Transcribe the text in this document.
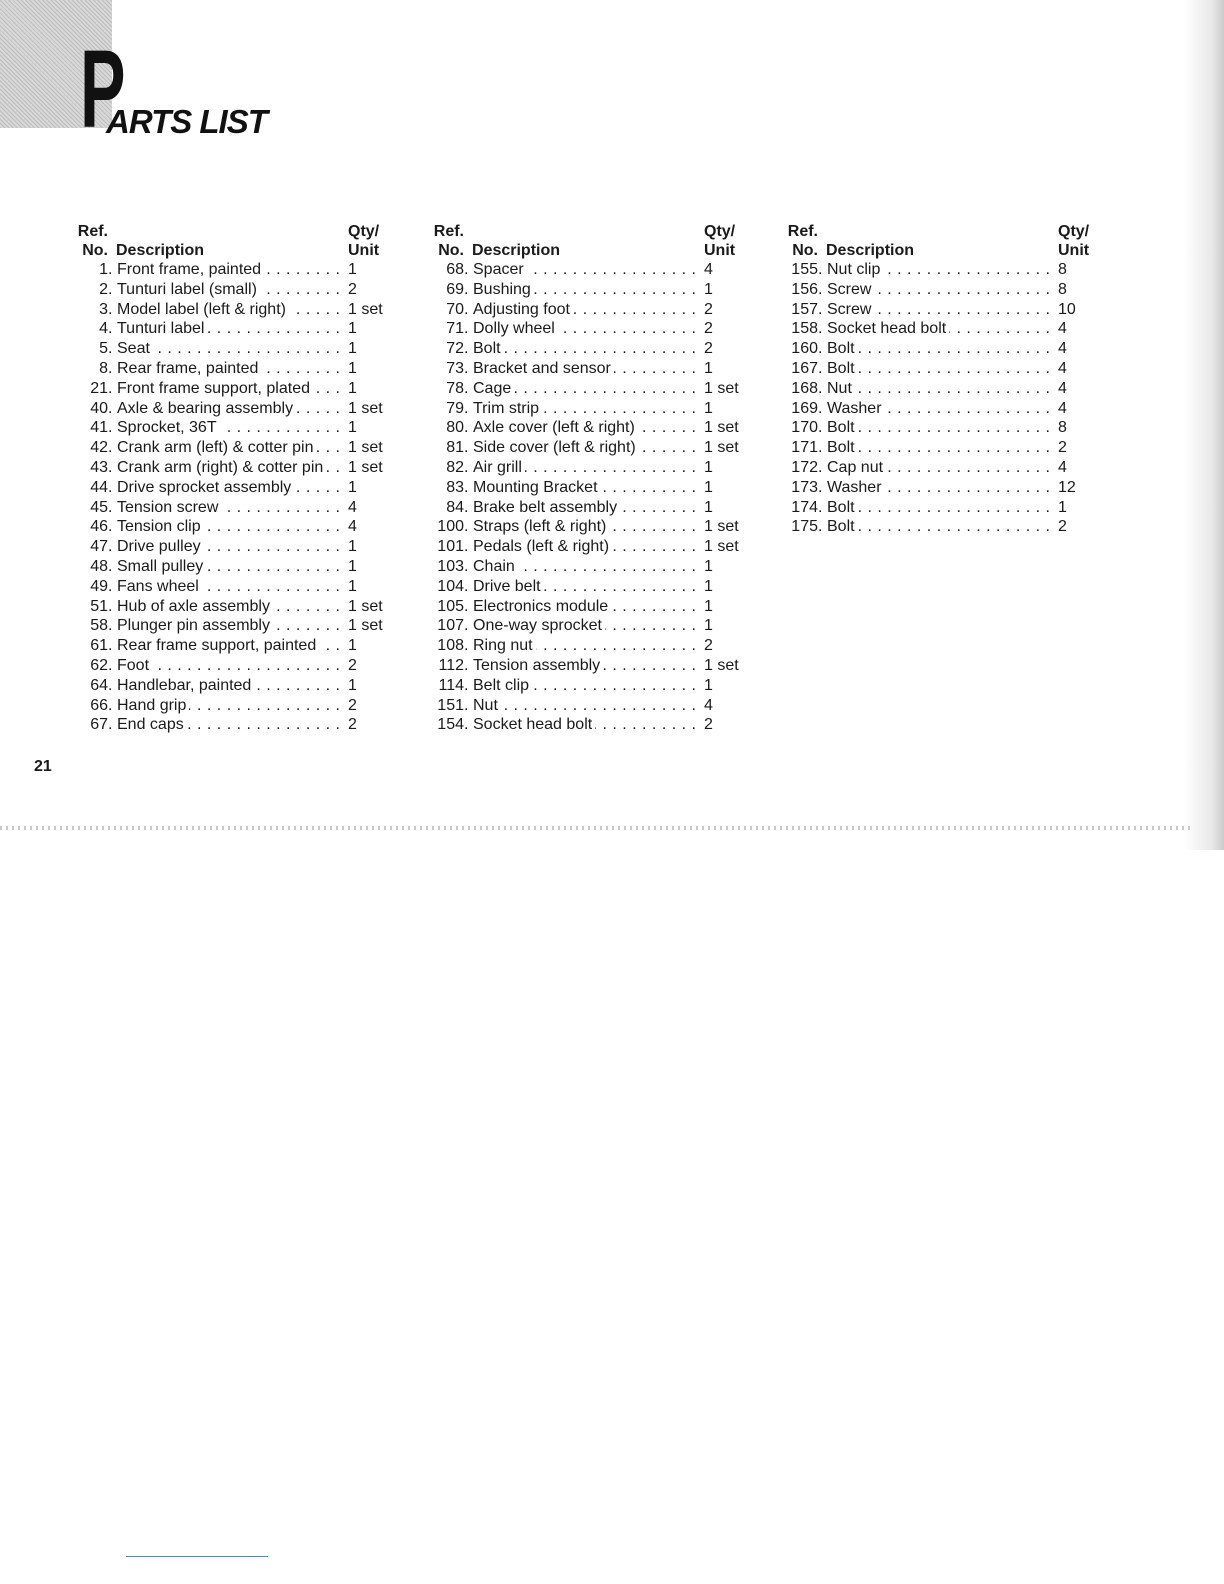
P
ARTS LIST
Ref.	Qty/
No. Description	Unit
1 Front frame, painted . . .	1
2 Tunturi label (small) . . .	2
3 Model label (left & right) . . .	1 set
4 Tunturi label . . .	1
5 Seat . . .	1
8 Rear frame, painted . . .	1
21 Front frame support, plated . . .	1
40 Axle & bearing assembly . . .	1 set
41 Sprocket, 36T . . .	1
42 Crank arm (left) & cotter pin . . .	1 set
43 Crank arm (right) & cotter pin . . .	1 set
44 Drive sprocket assembly . . .	1
45 Tension screw . . .	4
46 Tension clip . . .	4
47 Drive pulley . . .	1
48 Small pulley . . .	1
49 Fans wheel . . .	1
51 Hub of axle assembly . . .	1 set
58 Plunger pin assembly . . .	1 set
61 Rear frame support, painted . . .	1
62 Foot . . .	2
64 Handlebar, painted . . .	1
66 Hand grip . . .	2
67 End caps . . .	2
Ref.	Qty/
No. Description	Unit
68 Spacer . . .	4
69 Bushing . . .	1
70 Adjusting foot . . .	2
71 Dolly wheel . . .	2
72 Bolt . . .	2
73 Bracket and sensor . . .	1
78 Cage . . .	1 set
79 Trim strip . . .	1
80 Axle cover (left & right) . . .	1 set
81 Side cover (left & right) . . .	1 set
82 Air grill . . .	1
83 Mounting Bracket . . .	1
84 Brake belt assembly . . .	1
100 Straps (left & right) . . .	1 set
101 Pedals (left & right) . . .	1 set
103 Chain . . .	1
104 Drive belt . . .	1
105 Electronics module . . .	1
107 One-way sprocket . . .	1
108 Ring nut . . .	2
112 Tension assembly . . .	1 set
114 Belt clip . . .	1
151 Nut . . .	4
154 Socket head bolt . . .	2
Ref.	Qty/
No. Description	Unit
155 Nut clip . . .	8
156 Screw . . .	8
157 Screw . . .	10
158 Socket head bolt . . .	4
160 Bolt . . .	4
167 Bolt . . .	4
168 Nut . . .	4
169 Washer . . .	4
170 Bolt . . .	8
171 Bolt . . .	2
172 Cap nut . . .	4
173 Washer . . .	12
174 Bolt . . .	1
175 Bolt . . .	2
21
